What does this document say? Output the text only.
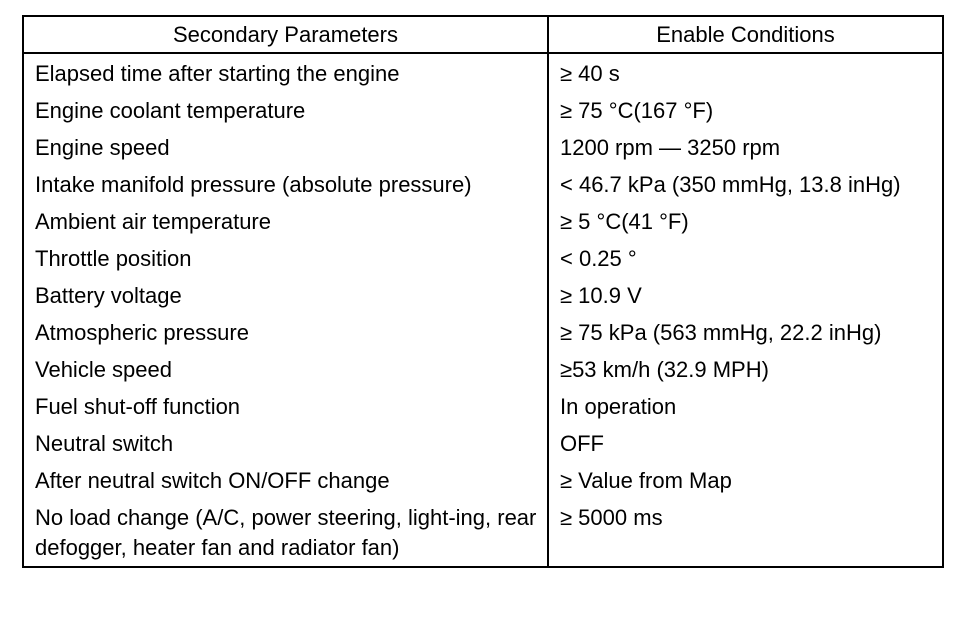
Secondary Parameters	Enable Conditions
Elapsed time after starting the engine	≥ 40 s
Engine coolant temperature	≥ 75 °C(167 °F)
Engine speed	1200 rpm — 3250 rpm
Intake manifold pressure (absolute pressure)	< 46.7 kPa (350 mmHg, 13.8 inHg)
Ambient air temperature	≥ 5 °C(41 °F)
Throttle position	< 0.25 °
Battery voltage	≥ 10.9 V
Atmospheric pressure	≥ 75 kPa (563 mmHg, 22.2 inHg)
Vehicle speed	≥53 km/h (32.9 MPH)
Fuel shut-off function	In operation
Neutral switch	OFF
After neutral switch ON/OFF change	≥ Value from Map
No load change (A/C, power steering, light-ing, rear defogger, heater fan and radiator fan)	≥ 5000 ms
